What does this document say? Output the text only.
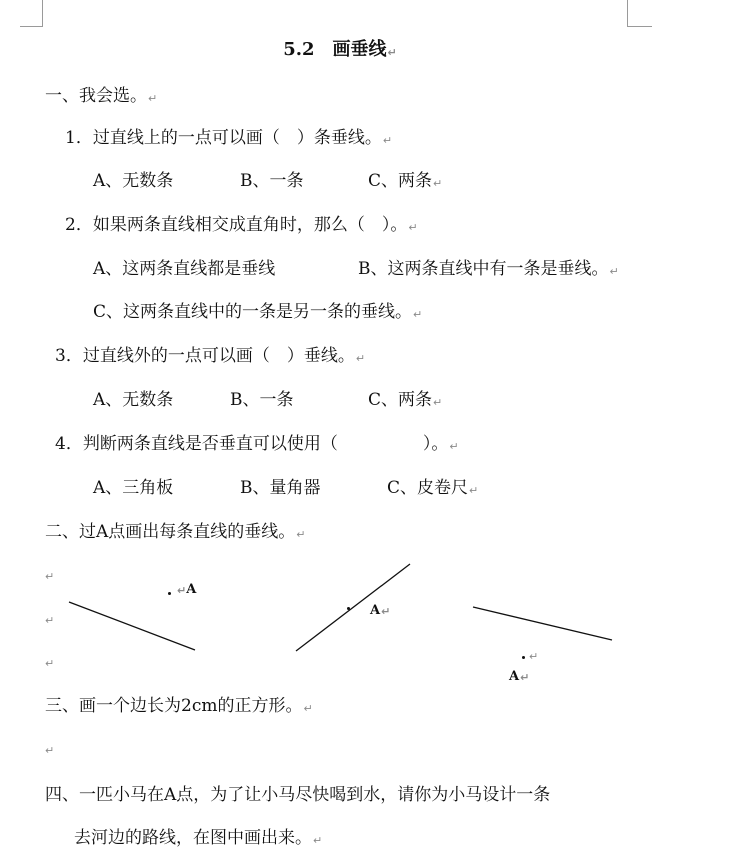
5.2　画垂线↵
一、我会选。↵
1．过直线上的一点可以画（　）条垂线。↵
A、无数条	B、一条	C、两条↵
2．如果两条直线相交成直角时，那么（　）。↵
A、这两条直线都是垂线	B、这两条直线中有一条是垂线。↵
C、这两条直线中的一条是另一条的垂线。↵
3．过直线外的一点可以画（　）垂线。↵
A、无数条	B、一条	C、两条↵
4．判断两条直线是否垂直可以使用（　　　　　）。↵
A、三角板	B、量角器	C、皮卷尺↵
二、过A点画出每条直线的垂线。↵
↵
↵
↵
↵A
A↵
↵
A↵
三、画一个边长为2cm的正方形。↵
↵
四、一匹小马在A点，为了让小马尽快喝到水，请你为小马设计一条
去河边的路线，在图中画出来。↵
